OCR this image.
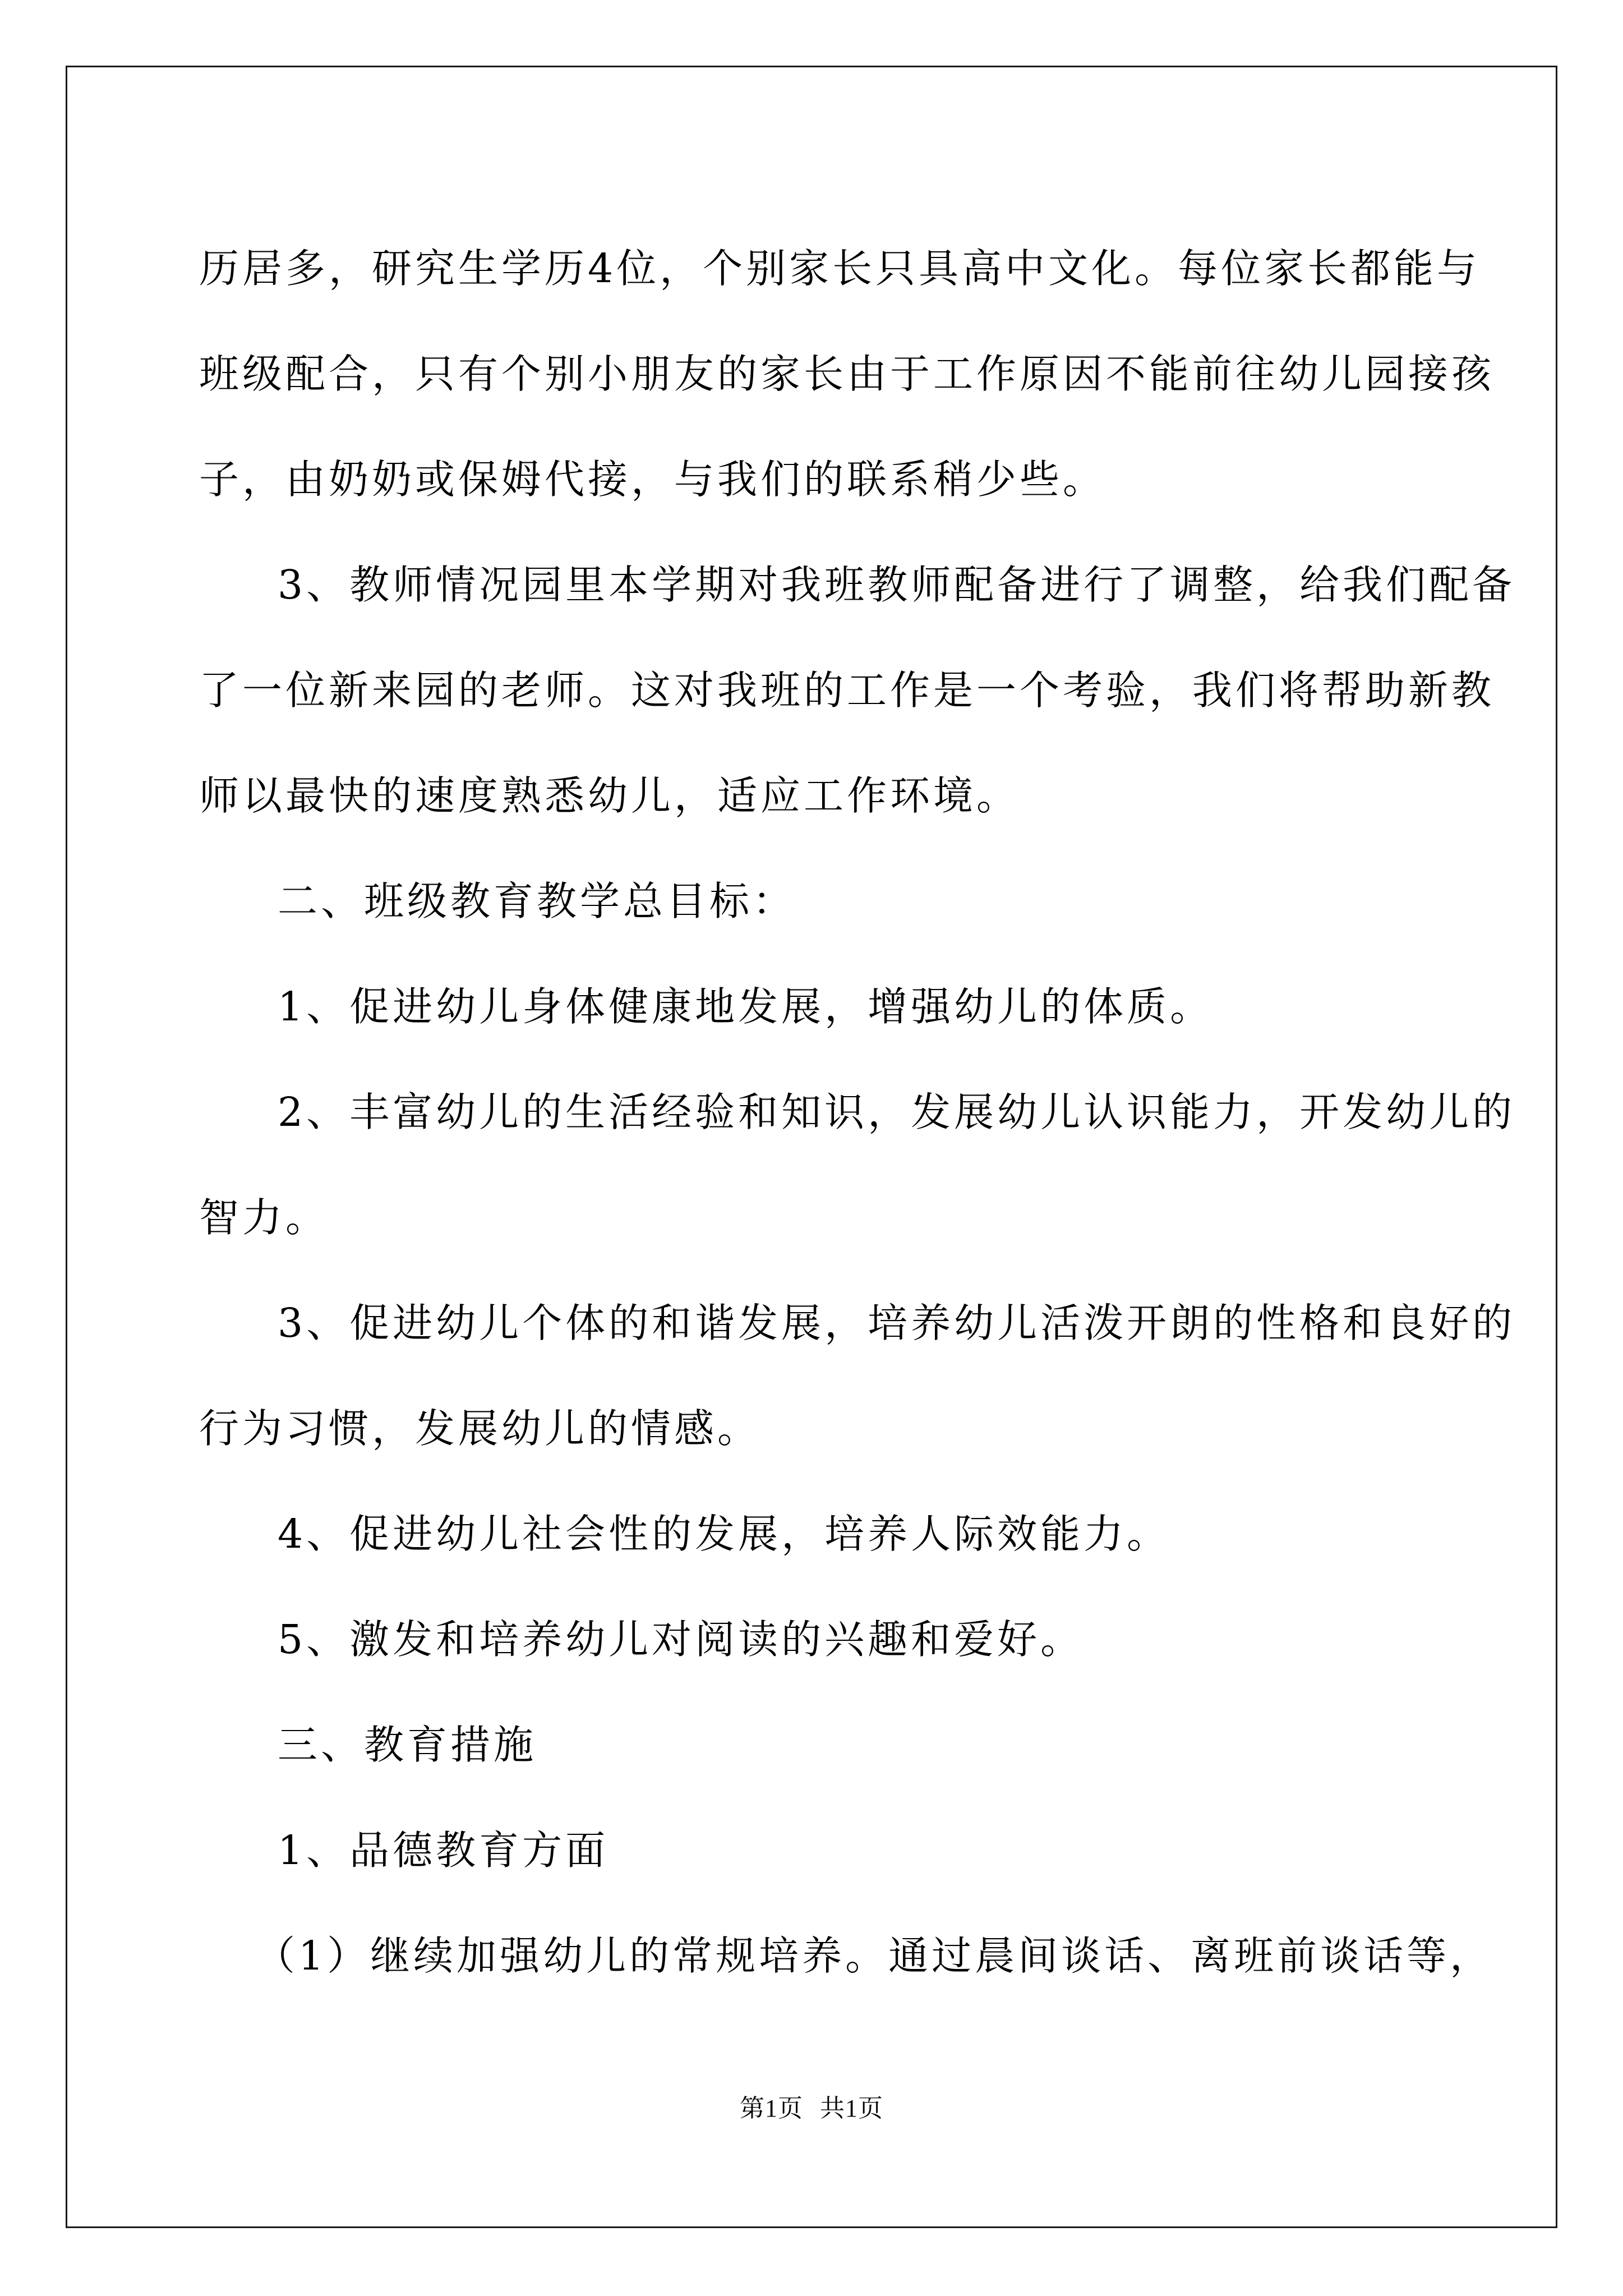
历居多，研究生学历4位，个别家长只具高中文化。每位家长都能与

班级配合，只有个别小朋友的家长由于工作原因不能前往幼儿园接孩

子，由奶奶或保姆代接，与我们的联系稍少些。

3、教师情况园里本学期对我班教师配备进行了调整，给我们配备

了一位新来园的老师。这对我班的工作是一个考验，我们将帮助新教

师以最快的速度熟悉幼儿，适应工作环境。

二、班级教育教学总目标：

1、促进幼儿身体健康地发展，增强幼儿的体质。

2、丰富幼儿的生活经验和知识，发展幼儿认识能力，开发幼儿的

智力。

3、促进幼儿个体的和谐发展，培养幼儿活泼开朗的性格和良好的

行为习惯，发展幼儿的情感。

4、促进幼儿社会性的发展，培养人际效能力。

5、激发和培养幼儿对阅读的兴趣和爱好。

三、教育措施

1、品德教育方面

（1）继续加强幼儿的常规培养。通过晨间谈话、离班前谈话等，

第1页 共1页
